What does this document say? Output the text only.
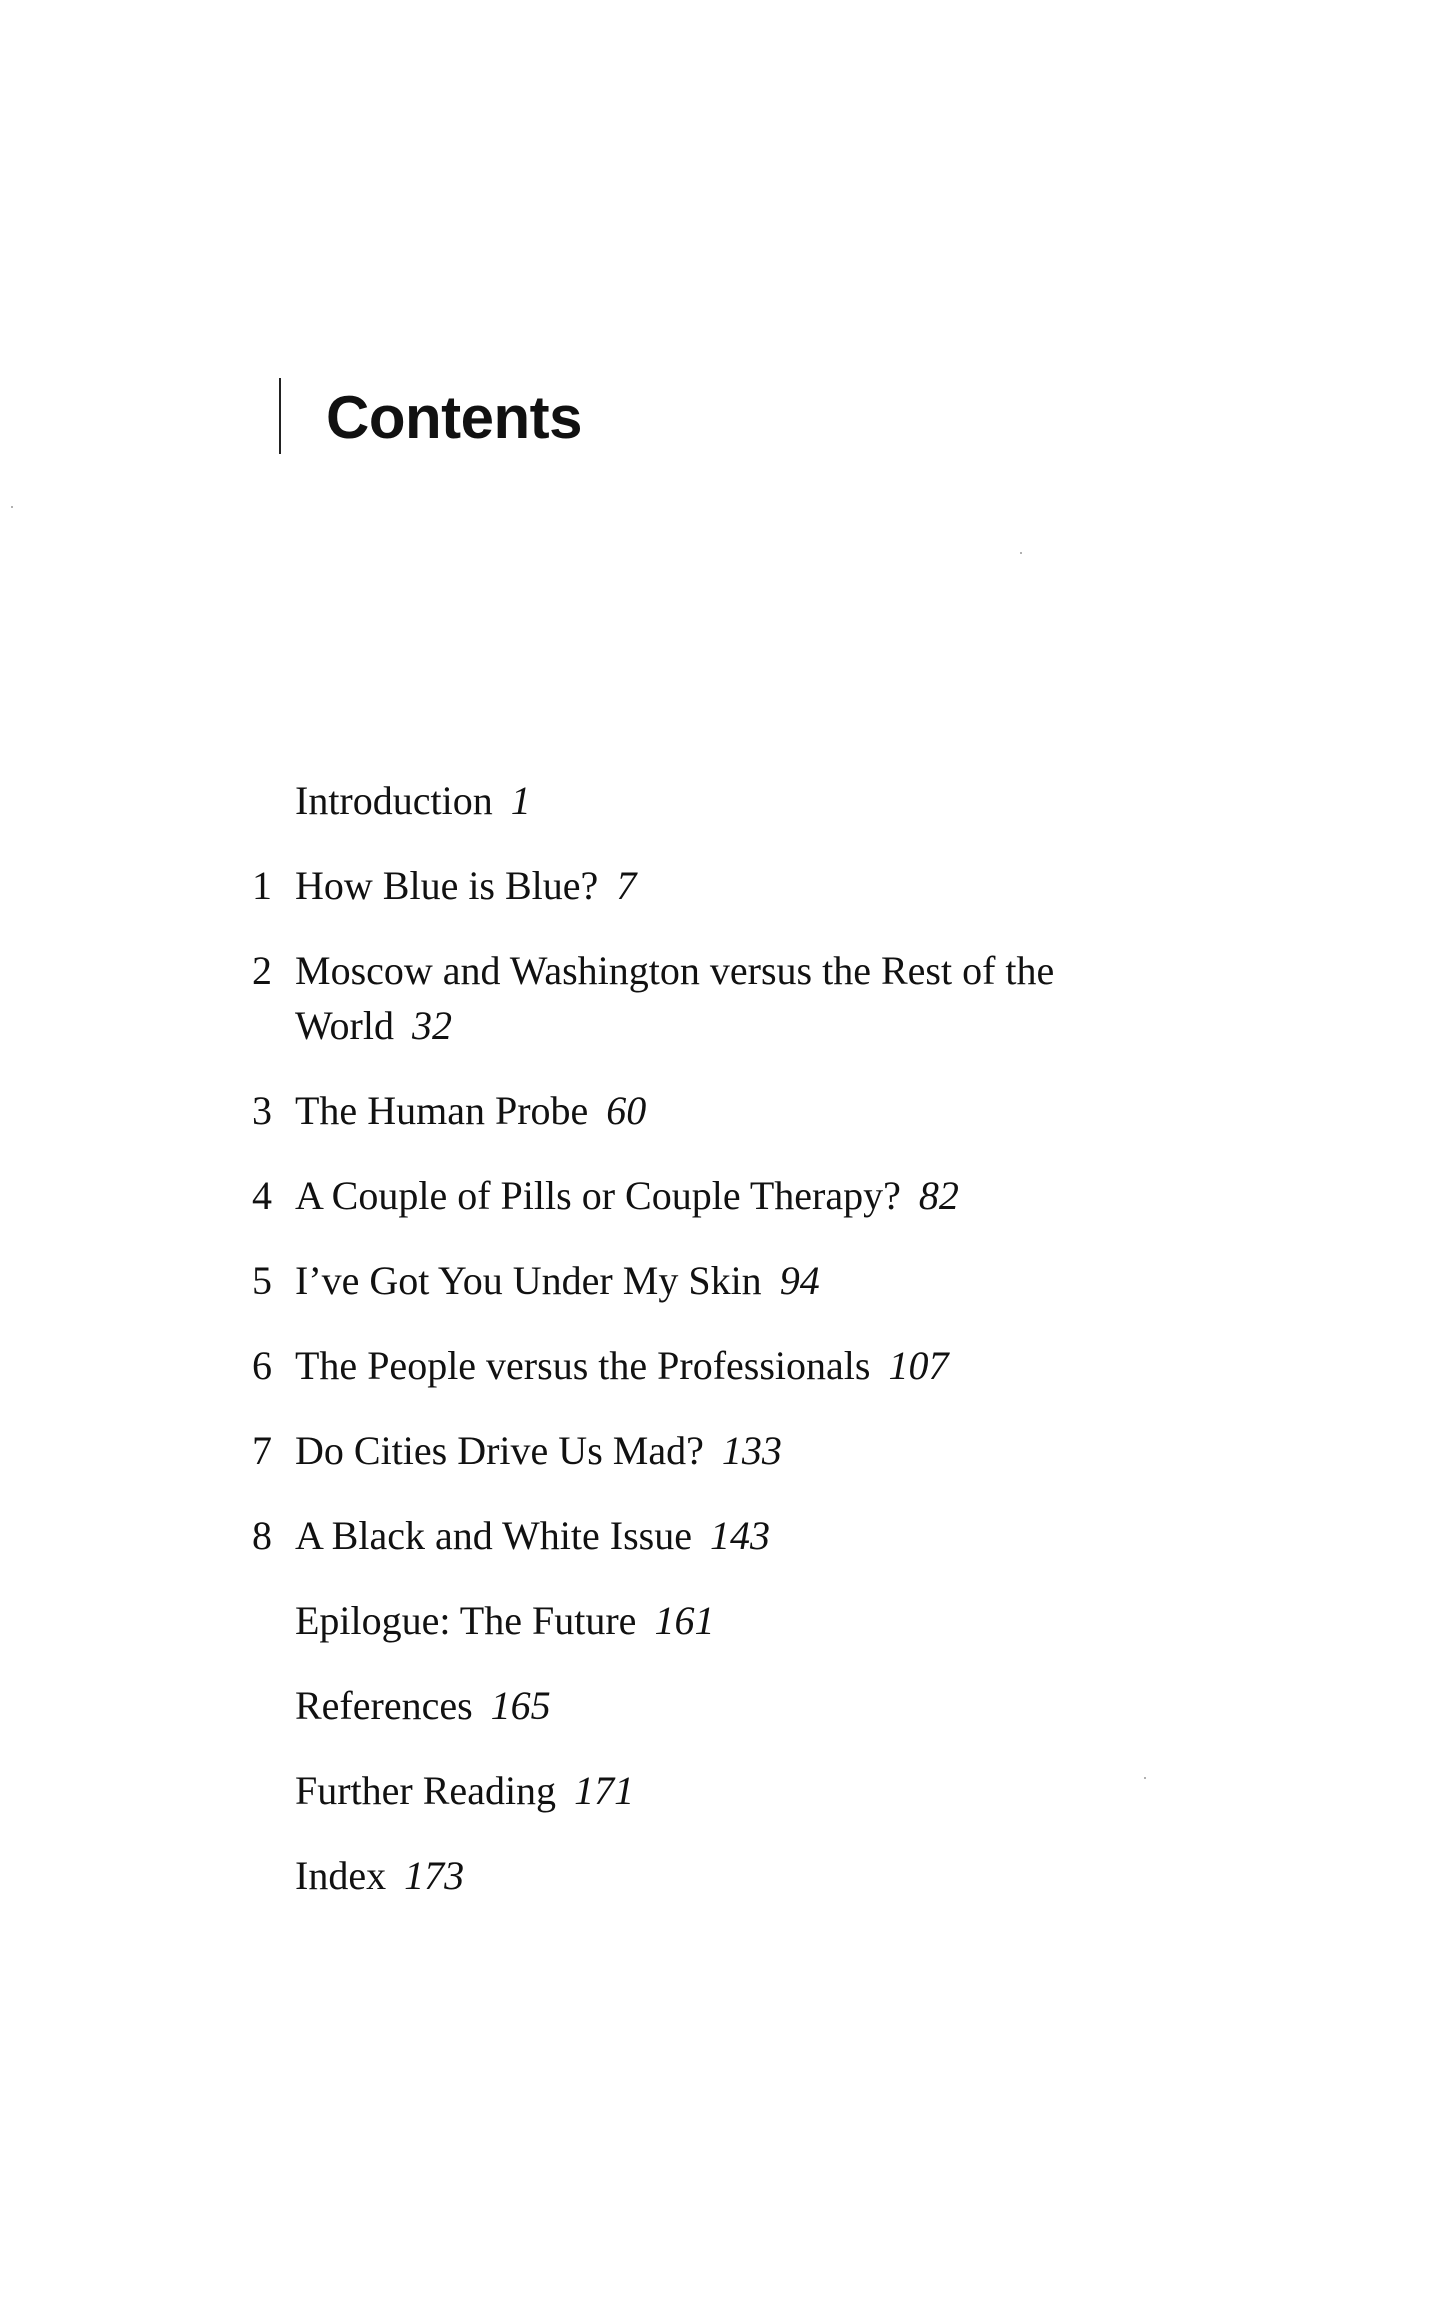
Contents
Introduction 1
1 How Blue is Blue? 7
2 Moscow and Washington versus the Rest of the World 32
3 The Human Probe 60
4 A Couple of Pills or Couple Therapy? 82
5 I’ve Got You Under My Skin 94
6 The People versus the Professionals 107
7 Do Cities Drive Us Mad? 133
8 A Black and White Issue 143
Epilogue: The Future 161
References 165
Further Reading 171
Index 173
